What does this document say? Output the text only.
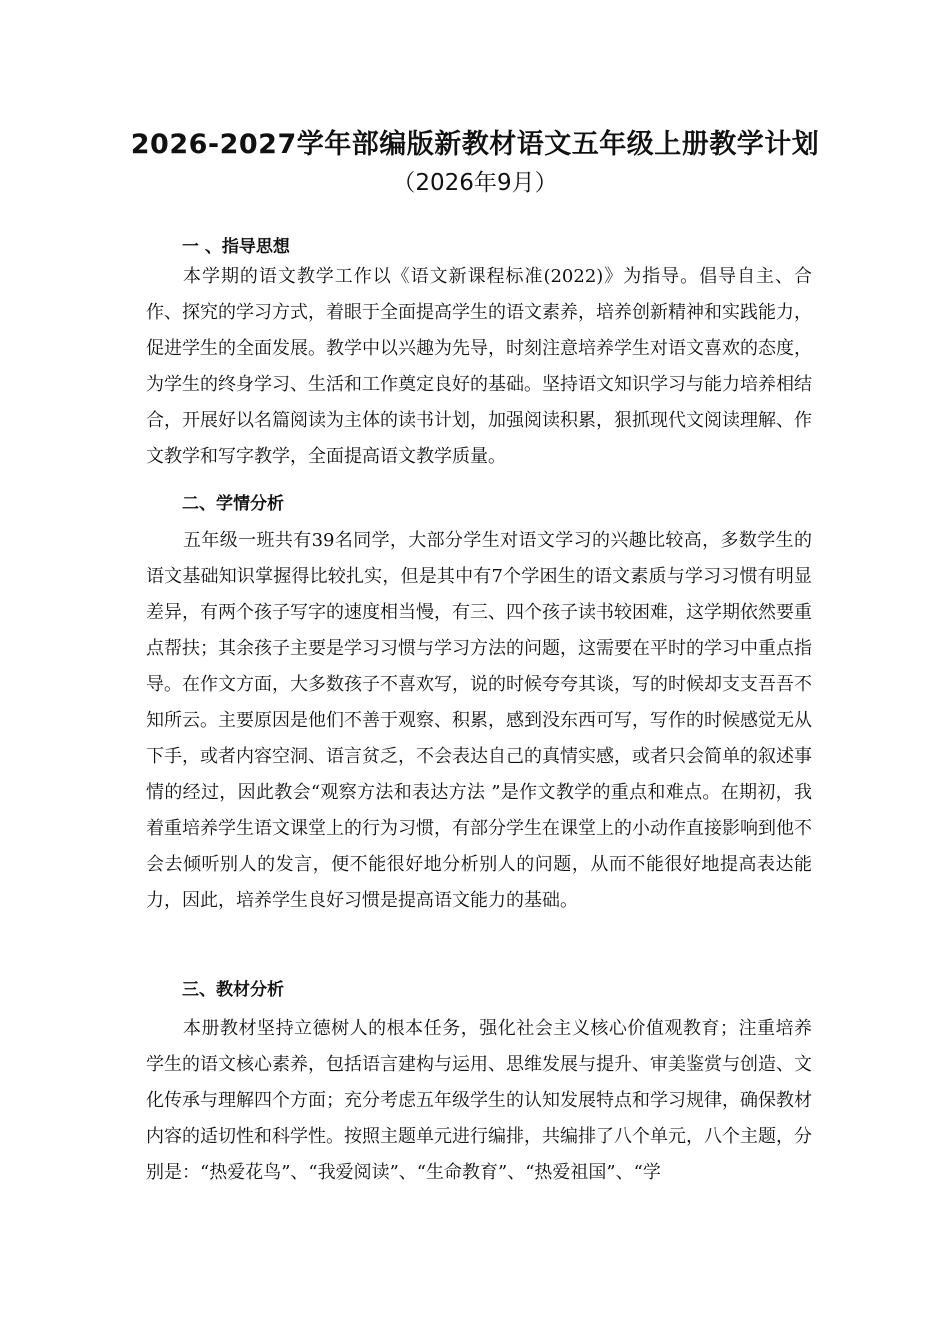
2026-2027学年部编版新教材语文五年级上册教学计划
（2026年9月）
一 、指导思想

本学期的语文教学工作以《语文新课程标准(2022)》为指导。倡导自主、合作、探究的学习方式，着眼于全面提高学生的语文素养，培养创新精神和实践能力，促进学生的全面发展。教学中以兴趣为先导，时刻注意培养学生对语文喜欢的态度，为学生的终身学习、生活和工作奠定良好的基础。坚持语文知识学习与能力培养相结合，开展好以名篇阅读为主体的读书计划，加强阅读积累，狠抓现代文阅读理解、作文教学和写字教学，全面提高语文教学质量。

二、学情分析

五年级一班共有39名同学，大部分学生对语文学习的兴趣比较高，多数学生的语文基础知识掌握得比较扎实，但是其中有7个学困生的语文素质与学习习惯有明显差异，有两个孩子写字的速度相当慢，有三、四个孩子读书较困难，这学期依然要重点帮扶；其余孩子主要是学习习惯与学习方法的问题，这需要在平时的学习中重点指导。在作文方面，大多数孩子不喜欢写，说的时候夸夸其谈，写的时候却支支吾吾不知所云。主要原因是他们不善于观察、积累，感到没东西可写，写作的时候感觉无从下手，或者内容空洞、语言贫乏，不会表达自己的真情实感，或者只会简单的叙述事情的经过，因此教会“观察方法和表达方法 ”是作文教学的重点和难点。在期初，我着重培养学生语文课堂上的行为习惯，有部分学生在课堂上的小动作直接影响到他不会去倾听别人的发言，便不能很好地分析别人的问题，从而不能很好地提高表达能力，因此，培养学生良好习惯是提高语文能力的基础。

三、教材分析

本册教材坚持立德树人的根本任务，强化社会主义核心价值观教育；注重培养学生的语文核心素养，包括语言建构与运用、思维发展与提升、审美鉴赏与创造、文化传承与理解四个方面；充分考虑五年级学生的认知发展特点和学习规律，确保教材内容的适切性和科学性。按照主题单元进行编排，共编排了八个单元，八个主题，分别是：“热爱花鸟”、“我爱阅读”、“生命教育”、“热爱祖国”、“学
